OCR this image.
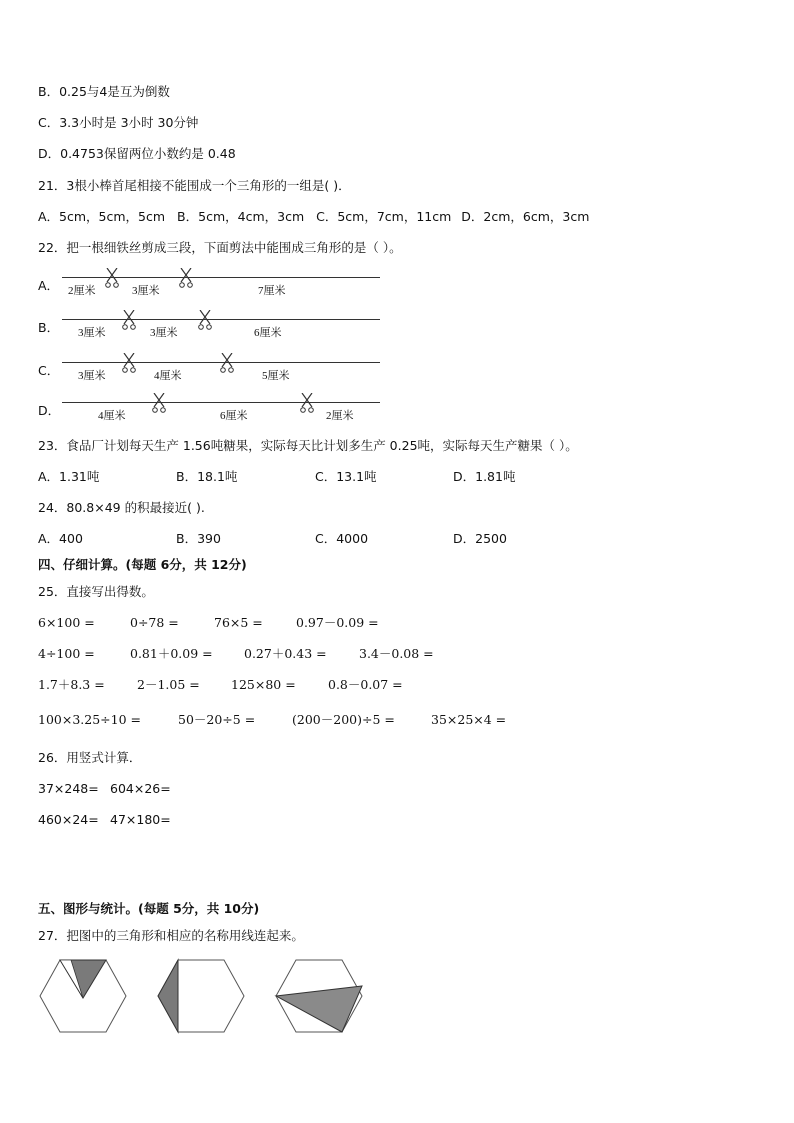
B．0.25与4是互为倒数
C．3.3小时是 3小时 30分钟
D．0.4753保留两位小数约是 0.48
21．3根小棒首尾相接不能围成一个三角形的一组是( )．
A．5cm，5cm，5cm B．5cm，4cm，3cm C．5cm，7cm，11cm D．2cm，6cm，3cm
22．把一根细铁丝剪成三段，下面剪法中能围成三角形的是（ ）。
A． 2厘米	3厘米	7厘米
B． 3厘米	3厘米	6厘米
C． 3厘米	4厘米	5厘米
D．	4厘米	6厘米	2厘米
23．食品厂计划每天生产 1.56吨糖果，实际每天比计划多生产 0.25吨，实际每天生产糖果（ ）。
A．1.31吨	B．18.1吨	C．13.1吨	D．1.81吨
24．80.8×49 的积最接近( ).
A．400	B．390	C．4000	D．2500
四、仔细计算。(每题 6分，共 12分)
25．直接写出得数。
6×100 =	0÷78 =	76×5 =	0.97－0.09 =
4÷100 =	0.81＋0.09 =	0.27＋0.43 =	3.4－0.08 =
1.7＋8.3 =	2－1.05 =	125×80 =	0.8－0.07 =
100×3.25÷10 =	50－20÷5 =	(200－200)÷5 =	35×25×4 =
26．用竖式计算．
37×248= 604×26=
460×24= 47×180=
五、图形与统计。(每题 5分，共 10分)
27．把图中的三角形和相应的名称用线连起来。
